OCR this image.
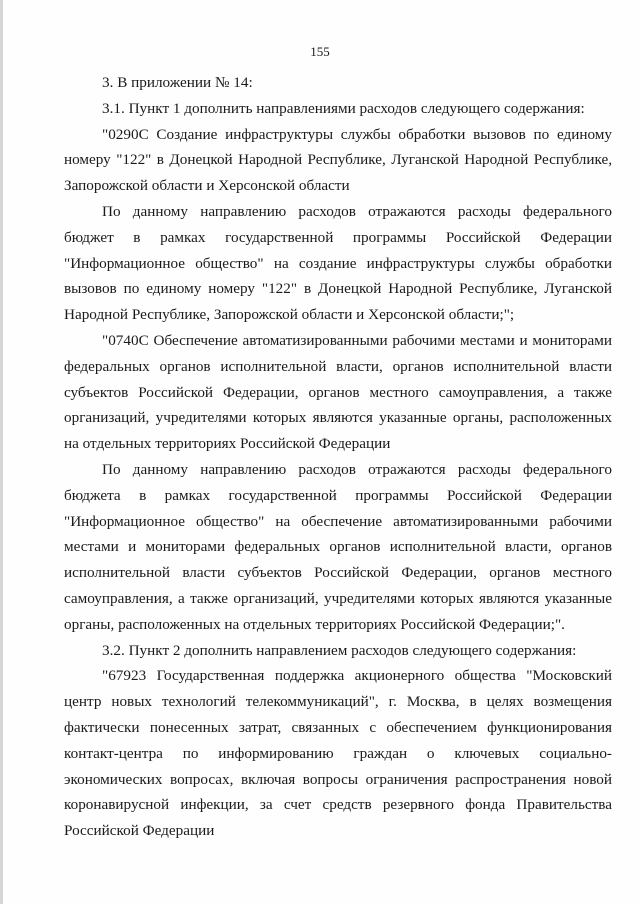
155

3. В приложении № 14:

3.1. Пункт 1 дополнить направлениями расходов следующего содержания:

"0290С Создание инфраструктуры службы обработки вызовов по единому номеру "122" в Донецкой Народной Республике, Луганской Народной Республике, Запорожской области и Херсонской области

По данному направлению расходов отражаются расходы федерального бюджет в рамках государственной программы Российской Федерации "Информационное общество" на создание инфраструктуры службы обработки вызовов по единому номеру "122" в Донецкой Народной Республике, Луганской Народной Республике, Запорожской области и Херсонской области;";

"0740С Обеспечение автоматизированными рабочими местами и мониторами федеральных органов исполнительной власти, органов исполнительной власти субъектов Российской Федерации, органов местного самоуправления, а также организаций, учредителями которых являются указанные органы, расположенных на отдельных территориях Российской Федерации

По данному направлению расходов отражаются расходы федерального бюджета в рамках государственной программы Российской Федерации "Информационное общество" на обеспечение автоматизированными рабочими местами и мониторами федеральных органов исполнительной власти, органов исполнительной власти субъектов Российской Федерации, органов местного самоуправления, а также организаций, учредителями которых являются указанные органы, расположенных на отдельных территориях Российской Федерации;".

3.2. Пункт 2 дополнить направлением расходов следующего содержания:

"67923 Государственная поддержка акционерного общества "Московский центр новых технологий телекоммуникаций", г. Москва, в целях возмещения фактически понесенных затрат, связанных с обеспечением функционирования контакт-центра по информированию граждан о ключевых социально-экономических вопросах, включая вопросы ограничения распространения новой коронавирусной инфекции, за счет средств резервного фонда Правительства Российской Федерации
